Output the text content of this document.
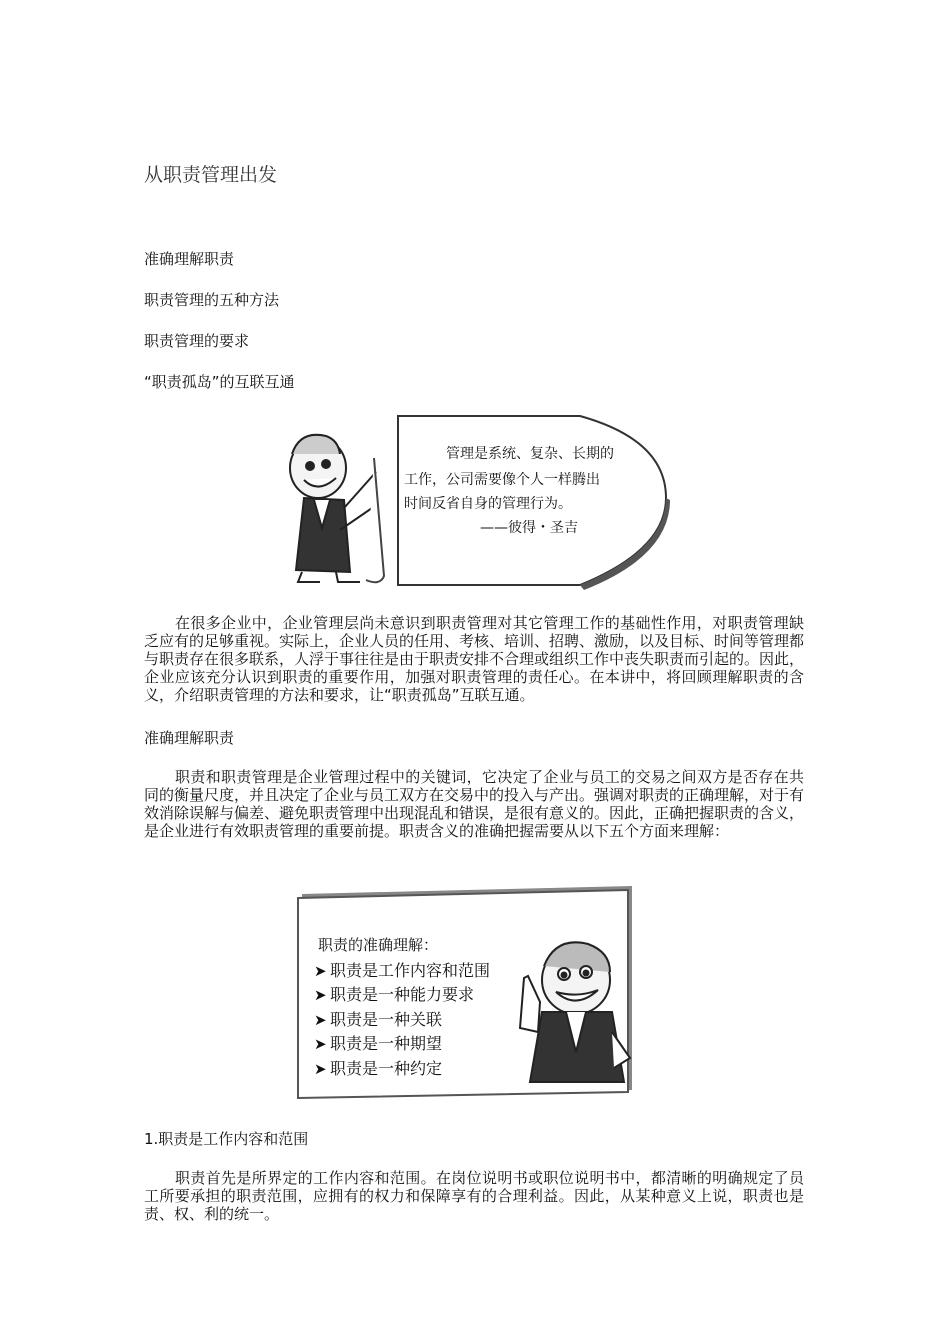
从职责管理出发
准确理解职责
职责管理的五种方法
职责管理的要求
“职责孤岛”的互联互通
管理是系统、复杂、长期的
工作，公司需要像个人一样腾出
时间反省自身的管理行为。
——彼得・圣吉

在很多企业中，企业管理层尚未意识到职责管理对其它管理工作的基础性作用，对职责管理缺乏应有的足够重视。实际上，企业人员的任用、考核、培训、招聘、激励，以及目标、时间等管理都与职责存在很多联系，人浮于事往往是由于职责安排不合理或组织工作中丧失职责而引起的。因此，企业应该充分认识到职责的重要作用，加强对职责管理的责任心。在本讲中，将回顾理解职责的含义，介绍职责管理的方法和要求，让“职责孤岛”互联互通。

准确理解职责

职责和职责管理是企业管理过程中的关键词，它决定了企业与员工的交易之间双方是否存在共同的衡量尺度，并且决定了企业与员工双方在交易中的投入与产出。强调对职责的正确理解，对于有效消除误解与偏差、避免职责管理中出现混乱和错误，是很有意义的。因此，正确把握职责的含义，是企业进行有效职责管理的重要前提。职责含义的准确把握需要从以下五个方面来理解：

职责的准确理解：
➤ 职责是工作内容和范围
➤ 职责是一种能力要求
➤ 职责是一种关联
➤ 职责是一种期望
➤ 职责是一种约定
1.职责是工作内容和范围

职责首先是所界定的工作内容和范围。在岗位说明书或职位说明书中，都清晰的明确规定了员工所要承担的职责范围，应拥有的权力和保障享有的合理利益。因此，从某种意义上说，职责也是责、权、利的统一。
